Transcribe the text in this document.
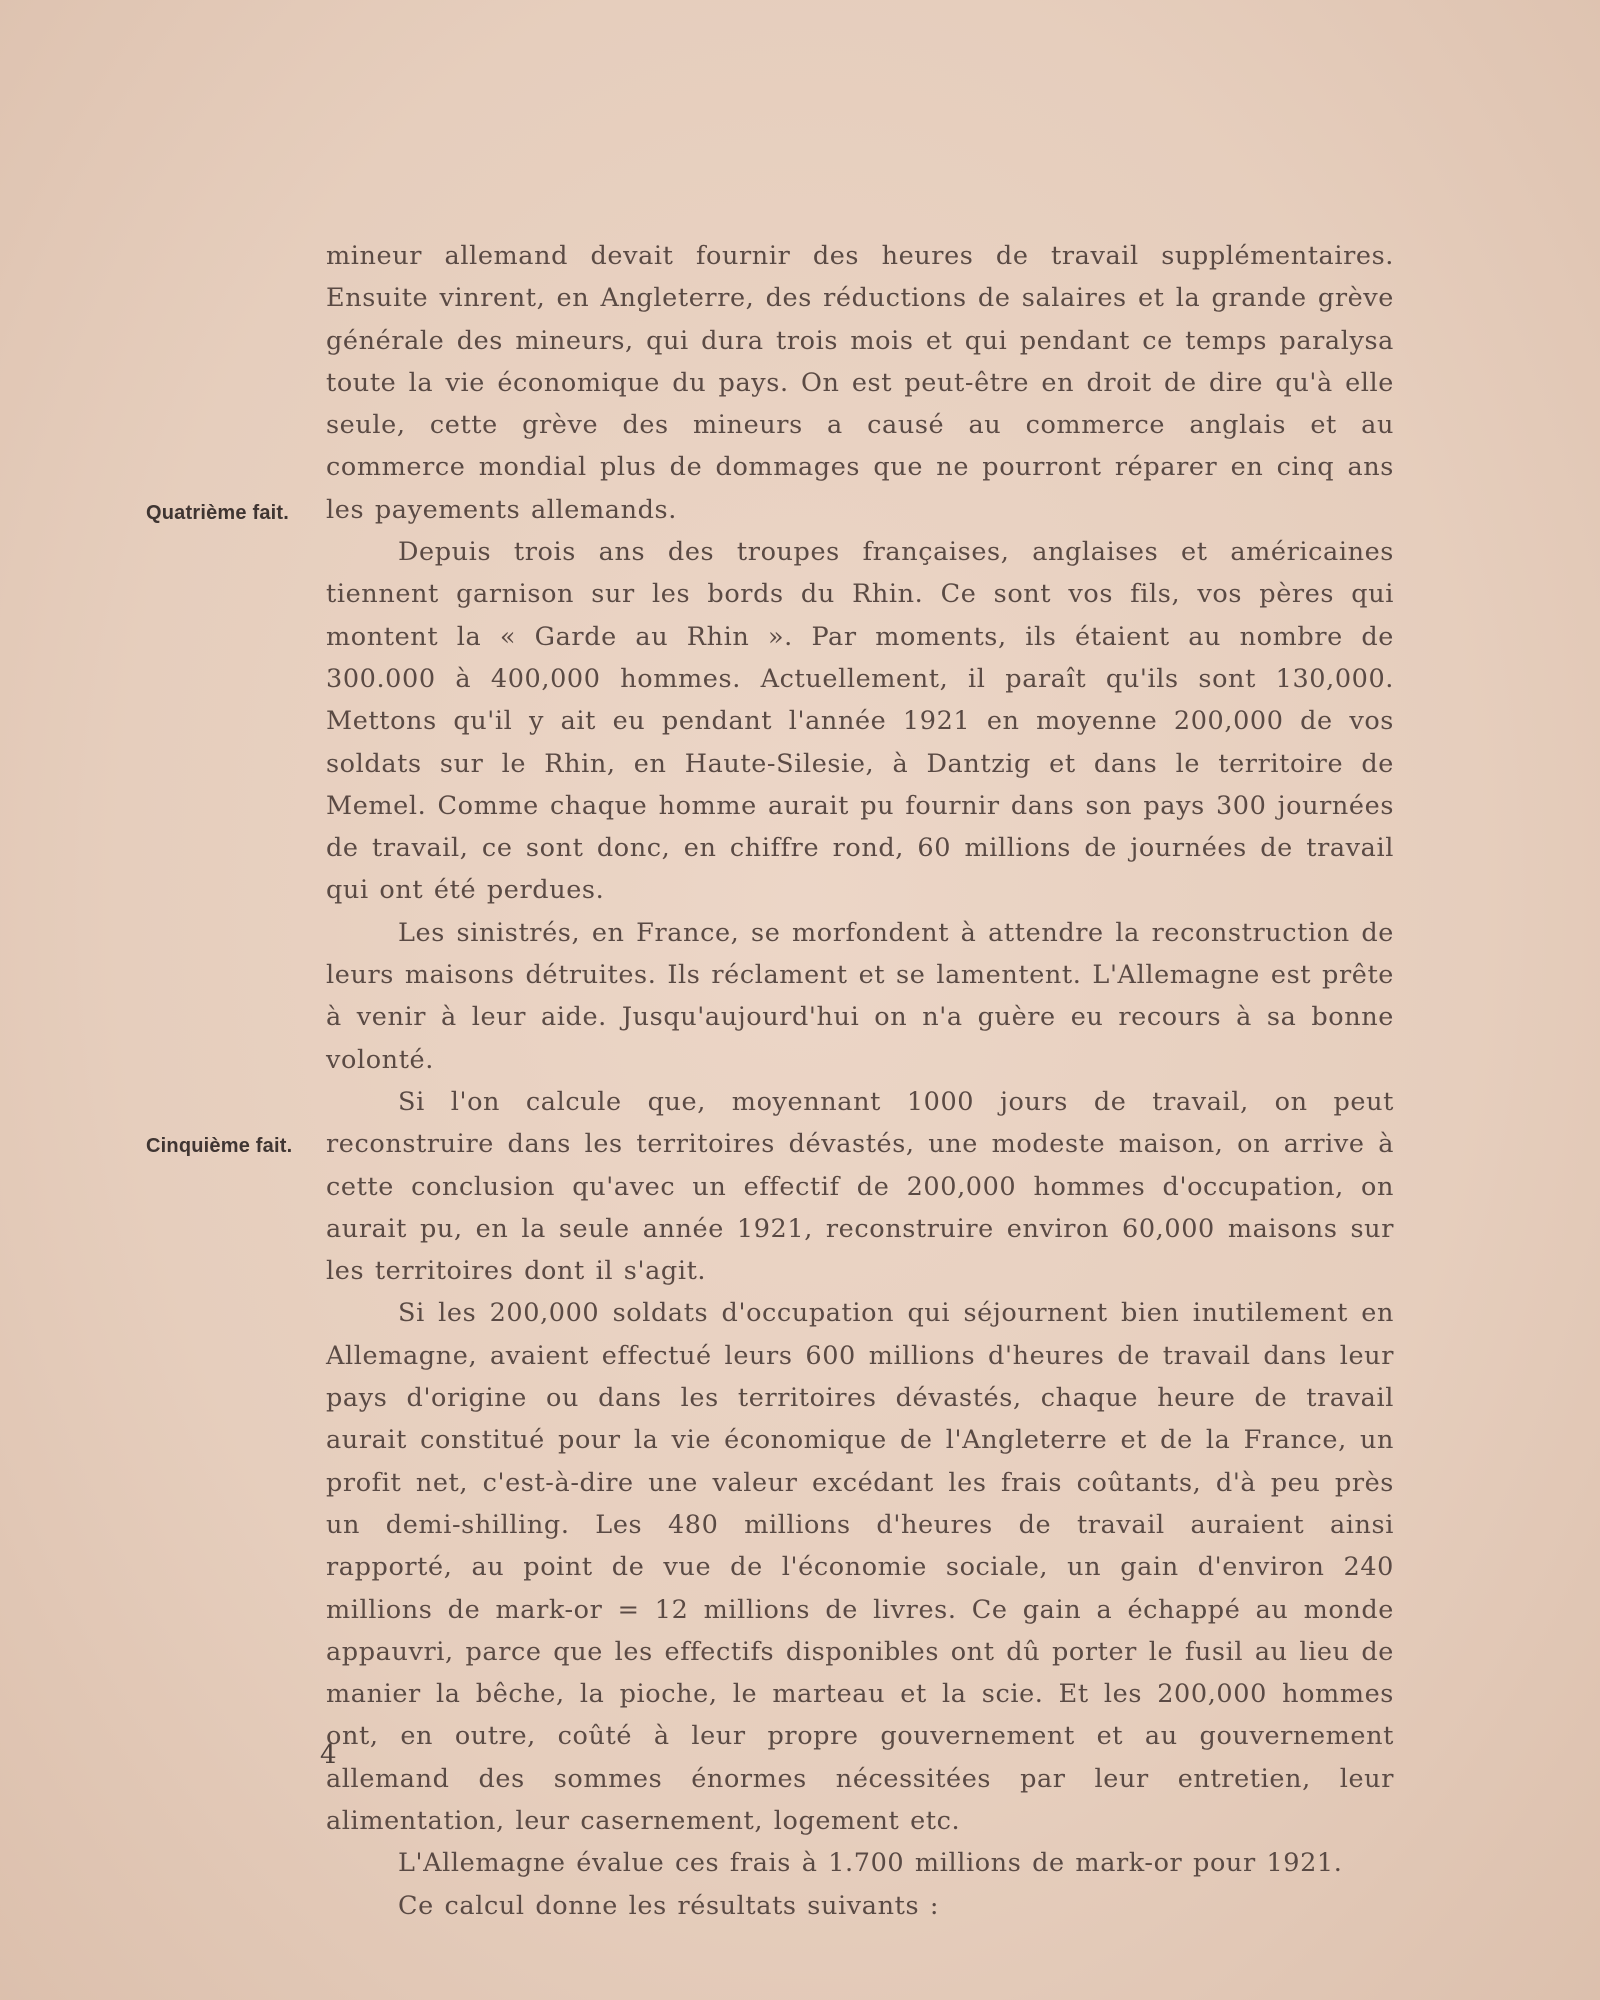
Quatrième fait.
Cinquième fait.

mineur allemand devait fournir des heures de travail supplémentaires. Ensuite vinrent, en Angleterre, des réductions de salaires et la grande grève générale des mineurs, qui dura trois mois et qui pendant ce temps paralysa toute la vie économique du pays. On est peut-être en droit de dire qu'à elle seule, cette grève des mineurs a causé au commerce anglais et au commerce mondial plus de dommages que ne pourront réparer en cinq ans les payements allemands.

Depuis trois ans des troupes françaises, anglaises et américaines tiennent garnison sur les bords du Rhin. Ce sont vos fils, vos pères qui montent la « Garde au Rhin ». Par moments, ils étaient au nombre de 300.000 à 400,000 hommes. Actuellement, il paraît qu'ils sont 130,000. Mettons qu'il y ait eu pendant l'année 1921 en moyenne 200,000 de vos soldats sur le Rhin, en Haute-Silesie, à Dantzig et dans le territoire de Memel. Comme chaque homme aurait pu fournir dans son pays 300 journées de travail, ce sont donc, en chiffre rond, 60 millions de journées de travail qui ont été perdues.

Les sinistrés, en France, se morfondent à attendre la reconstruction de leurs maisons détruites. Ils réclament et se lamentent. L'Allemagne est prête à venir à leur aide. Jusqu'aujourd'hui on n'a guère eu recours à sa bonne volonté.

Si l'on calcule que, moyennant 1000 jours de travail, on peut reconstruire dans les territoires dévastés, une modeste maison, on arrive à cette conclusion qu'avec un effectif de 200,000 hommes d'occupation, on aurait pu, en la seule année 1921, reconstruire environ 60,000 maisons sur les territoires dont il s'agit.

Si les 200,000 soldats d'occupation qui séjournent bien inutilement en Allemagne, avaient effectué leurs 600 millions d'heures de travail dans leur pays d'origine ou dans les territoires dévastés, chaque heure de travail aurait constitué pour la vie économique de l'Angleterre et de la France, un profit net, c'est-à-dire une valeur excédant les frais coûtants, d'à peu près un demi-shilling. Les 480 millions d'heures de travail auraient ainsi rapporté, au point de vue de l'économie sociale, un gain d'environ 240 millions de mark-or = 12 millions de livres. Ce gain a échappé au monde appauvri, parce que les effectifs disponibles ont dû porter le fusil au lieu de manier la bêche, la pioche, le marteau et la scie. Et les 200,000 hommes ont, en outre, coûté à leur propre gouvernement et au gouvernement allemand des sommes énormes nécessitées par leur entretien, leur alimentation, leur casernement, logement etc.

L'Allemagne évalue ces frais à 1.700 millions de mark-or pour 1921.

Ce calcul donne les résultats suivants :

4
